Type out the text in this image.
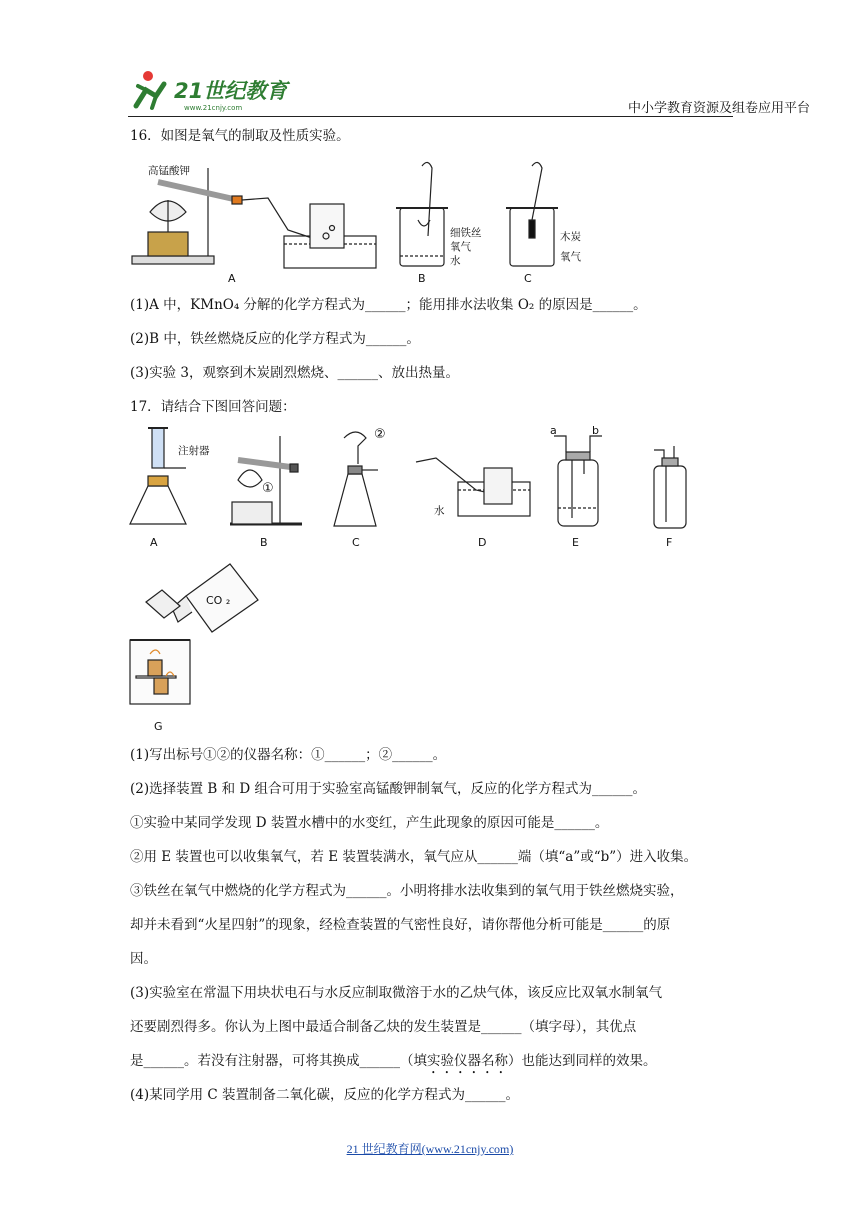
21世纪教育
www.21cnjy.com	中小学教育资源及组卷应用平台
16．如图是氧气的制取及性质实验。
高锰酸钾
A
细铁丝
氧气
水
B
木炭
氧气
C
(1)A 中，KMnO₄ 分解的化学方程式为______；能用排水法收集 O₂ 的原因是______。
(2)B 中，铁丝燃烧反应的化学方程式为______。
(3)实验 3，观察到木炭剧烈燃烧、______、放出热量。
17．请结合下图回答问题：
注射器
A
①
B
②
C
水
D
a	b
E	F
CO ₂
G
(1)写出标号①②的仪器名称：①______；②______。
(2)选择装置 B 和 D 组合可用于实验室高锰酸钾制氧气，反应的化学方程式为______。
①实验中某同学发现 D 装置水槽中的水变红，产生此现象的原因可能是______。
②用 E 装置也可以收集氧气，若 E 装置装满水，氧气应从______端（填“a”或“b”）进入收集。
③铁丝在氧气中燃烧的化学方程式为______。小明将排水法收集到的氧气用于铁丝燃烧实验，
却并未看到“火星四射”的现象，经检查装置的气密性良好，请你帮他分析可能是______的原
因。
(3)实验室在常温下用块状电石与水反应制取微溶于水的乙炔气体，该反应比双氧水制氧气
还要剧烈得多。你认为上图中最适合制备乙炔的发生装置是______（填字母），其优点
是______。若没有注射器，可将其换成______（填实验仪器名称）也能达到同样的效果。
(4)某同学用 C 装置制备二氧化碳，反应的化学方程式为______。
21 世纪教育网(www.21cnjy.com)
